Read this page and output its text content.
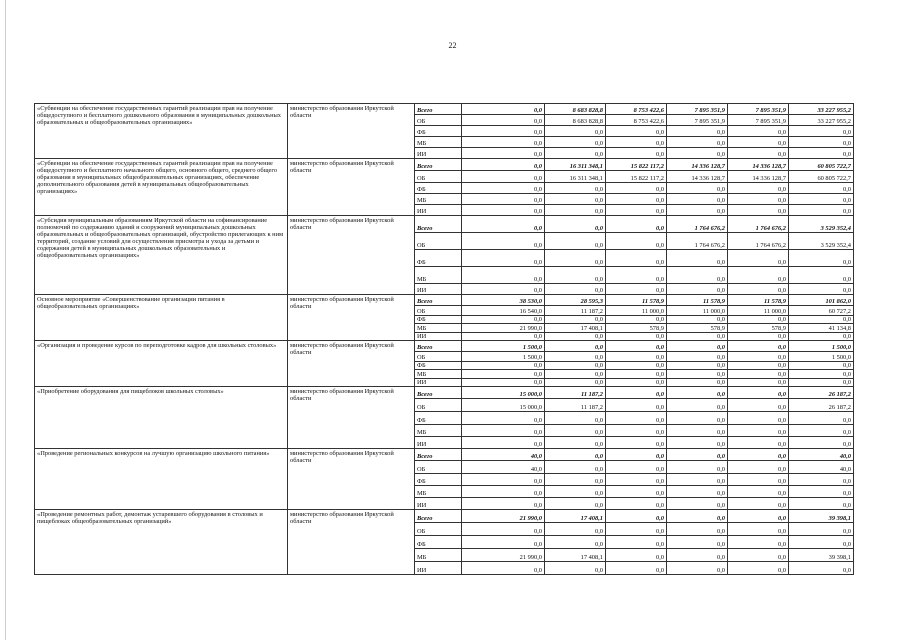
22
«Субвенции на обеспечение государственных гарантий реализации прав на получение общедоступного и бесплатного дошкольного образования в муниципальных дошкольных образовательных и общеобразовательных организациях»	министерство образования Иркутской области	Всего	0,0	8 683 828,8	8 753 422,6	7 895 351,9	7 895 351,9	33 227 955,2
		ОБ	0,0	8 683 828,8	8 753 422,6	7 895 351,9	7 895 351,9	33 227 955,2
		ФБ	0,0	0,0	0,0	0,0	0,0	0,0
		МБ	0,0	0,0	0,0	0,0	0,0	0,0
		ИИ	0,0	0,0	0,0	0,0	0,0	0,0
«Субвенции на обеспечение государственных гарантий реализации прав на получение общедоступного и бесплатного начального общего, основного общего, среднего общего образования в муниципальных общеобразовательных организациях, обеспечение дополнительного образования детей в муниципальных общеобразовательных организациях»	министерство образования Иркутской области	Всего	0,0	16 311 348,1	15 822 117,2	14 336 128,7	14 336 128,7	60 805 722,7
		ОБ	0,0	16 311 348,1	15 822 117,2	14 336 128,7	14 336 128,7	60 805 722,7
		ФБ	0,0	0,0	0,0	0,0	0,0	0,0
		МБ	0,0	0,0	0,0	0,0	0,0	0,0
		ИИ	0,0	0,0	0,0	0,0	0,0	0,0
«Субсидия муниципальным образованиям Иркутской области на софинансирование полномочий по содержанию зданий и сооружений муниципальных дошкольных образовательных и общеобразовательных организаций, обустройство прилегающих к ним территорий, создание условий для осуществления присмотра и ухода за детьми и содержания детей в муниципальных дошкольных образовательных и общеобразовательных организациях»	министерство образования Иркутской области	Всего	0,0	0,0	0,0	1 764 676,2	1 764 676,2	3 529 352,4
		ОБ	0,0	0,0	0,0	1 764 676,2	1 764 676,2	3 529 352,4
		ФБ	0,0	0,0	0,0	0,0	0,0	0,0
		МБ	0,0	0,0	0,0	0,0	0,0	0,0
		ИИ	0,0	0,0	0,0	0,0	0,0	0,0
Основное мероприятие «Совершенствование организации питания в общеобразовательных организациях»	министерство образования Иркутской области	Всего	38 530,0	28 595,3	11 578,9	11 578,9	11 578,9	101 862,0
		ОБ	16 540,0	11 187,2	11 000,0	11 000,0	11 000,0	60 727,2
		ФБ	0,0	0,0	0,0	0,0	0,0	0,0
		МБ	21 990,0	17 408,1	578,9	578,9	578,9	41 134,8
		ИИ	0,0	0,0	0,0	0,0	0,0	0,0
«Организация и проведение курсов по переподготовке кадров для школьных столовых»	министерство образования Иркутской области	Всего	1 500,0	0,0	0,0	0,0	0,0	1 500,0
		ОБ	1 500,0	0,0	0,0	0,0	0,0	1 500,0
		ФБ	0,0	0,0	0,0	0,0	0,0	0,0
		МБ	0,0	0,0	0,0	0,0	0,0	0,0
		ИИ	0,0	0,0	0,0	0,0	0,0	0,0
«Приобретение оборудования для пищеблоков школьных столовых»	министерство образования Иркутской области	Всего	15 000,0	11 187,2	0,0	0,0	0,0	26 187,2
		ОБ	15 000,0	11 187,2	0,0	0,0	0,0	26 187,2
		ФБ	0,0	0,0	0,0	0,0	0,0	0,0
		МБ	0,0	0,0	0,0	0,0	0,0	0,0
		ИИ	0,0	0,0	0,0	0,0	0,0	0,0
«Проведение региональных конкурсов на лучшую организацию школьного питания»	министерство образования Иркутской области	Всего	40,0	0,0	0,0	0,0	0,0	40,0
		ОБ	40,0	0,0	0,0	0,0	0,0	40,0
		ФБ	0,0	0,0	0,0	0,0	0,0	0,0
		МБ	0,0	0,0	0,0	0,0	0,0	0,0
		ИИ	0,0	0,0	0,0	0,0	0,0	0,0
«Проведение ремонтных работ, демонтаж устаревшего оборудования в столовых и пищеблоках общеобразовательных организаций»	министерство образования Иркутской области	Всего	21 990,0	17 408,1	0,0	0,0	0,0	39 398,1
		ОБ	0,0	0,0	0,0	0,0	0,0	0,0
		ФБ	0,0	0,0	0,0	0,0	0,0	0,0
		МБ	21 990,0	17 408,1	0,0	0,0	0,0	39 398,1
		ИИ	0,0	0,0	0,0	0,0	0,0	0,0
